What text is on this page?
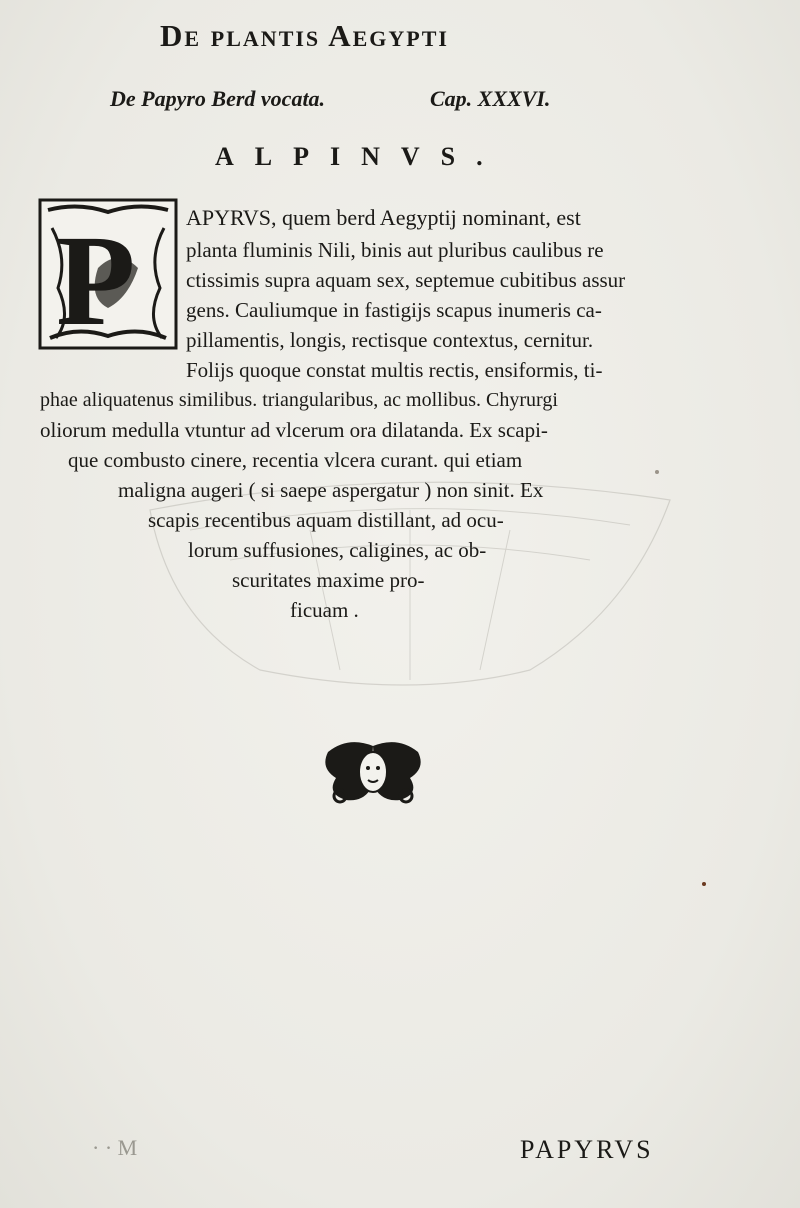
De plantis Aegypti
De Papyro Berd vocata.	Cap. XXXVI.
ALPINVS.
P APYRVS, quem berd Aegyptij nominant, est
planta fluminis Nili, binis aut pluribus caulibus re
ctissimis supra aquam sex, septemue cubitibus assur
gens. Cauliumque in fastigijs scapus inumeris ca-
pillamentis, longis, rectisque contextus, cernitur.
Folijs quoque constat multis rectis, ensiformis, ti-
phae aliquatenus similibus. triangularibus, ac mollibus. Chyrurgi
oliorum medulla vtuntur ad vlcerum ora dilatanda. Ex scapi-
que combusto cinere, recentia vlcera curant. qui etiam
maligna augeri ( si saepe aspergatur ) non sinit. Ex
scapis recentibus aquam distillant, ad ocu-
lorum suffusiones, caligines, ac ob-
scuritates maxime pro-
ficuam .
· · M	PAPYRVS
